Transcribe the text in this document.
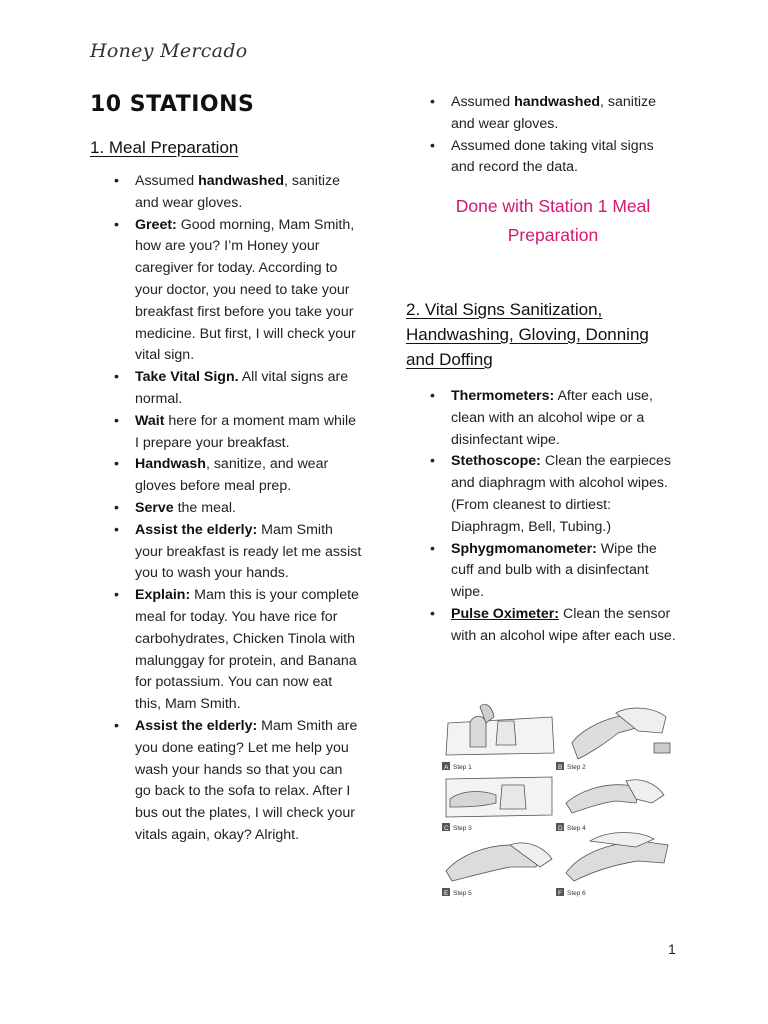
Honey Mercado
10 STATIONS

1. Meal Preparation

• Assumed handwashed, sanitize and wear gloves.
• Greet: Good morning, Mam Smith, how are you? I’m Honey your caregiver for today. According to your doctor, you need to take your breakfast first before you take your medicine. But first, I will check your vital sign.
• Take Vital Sign. All vital signs are normal.
• Wait here for a moment mam while I prepare your breakfast.
• Handwash, sanitize, and wear gloves before meal prep.
• Serve the meal.
• Assist the elderly: Mam Smith your breakfast is ready let me assist you to wash your hands.
• Explain: Mam this is your complete meal for today. You have rice for carbohydrates, Chicken Tinola with malunggay for protein, and Banana for potassium. You can now eat this, Mam Smith.
• Assist the elderly: Mam Smith are you done eating? Let me help you wash your hands so that you can go back to the sofa to relax. After I bus out the plates, I will check your vitals again, okay? Alright.
• Assumed handwashed, sanitize and wear gloves.
• Assumed done taking vital signs and record the data.
Done with Station 1 Meal Preparation

2. Vital Signs Sanitization, Handwashing, Gloving, Donning and Doffing

• Thermometers: After each use, clean with an alcohol wipe or a disinfectant wipe.
• Stethoscope: Clean the earpieces and diaphragm with alcohol wipes. (From cleanest to dirtiest: Diaphragm, Bell, Tubing.)
• Sphygmomanometer: Wipe the cuff and bulb with a disinfectant wipe.
• Pulse Oximeter: Clean the sensor with an alcohol wipe after each use.
A Step 1	B Step 2
C Step 3	D Step 4
E Step 5	F Step 6
1
